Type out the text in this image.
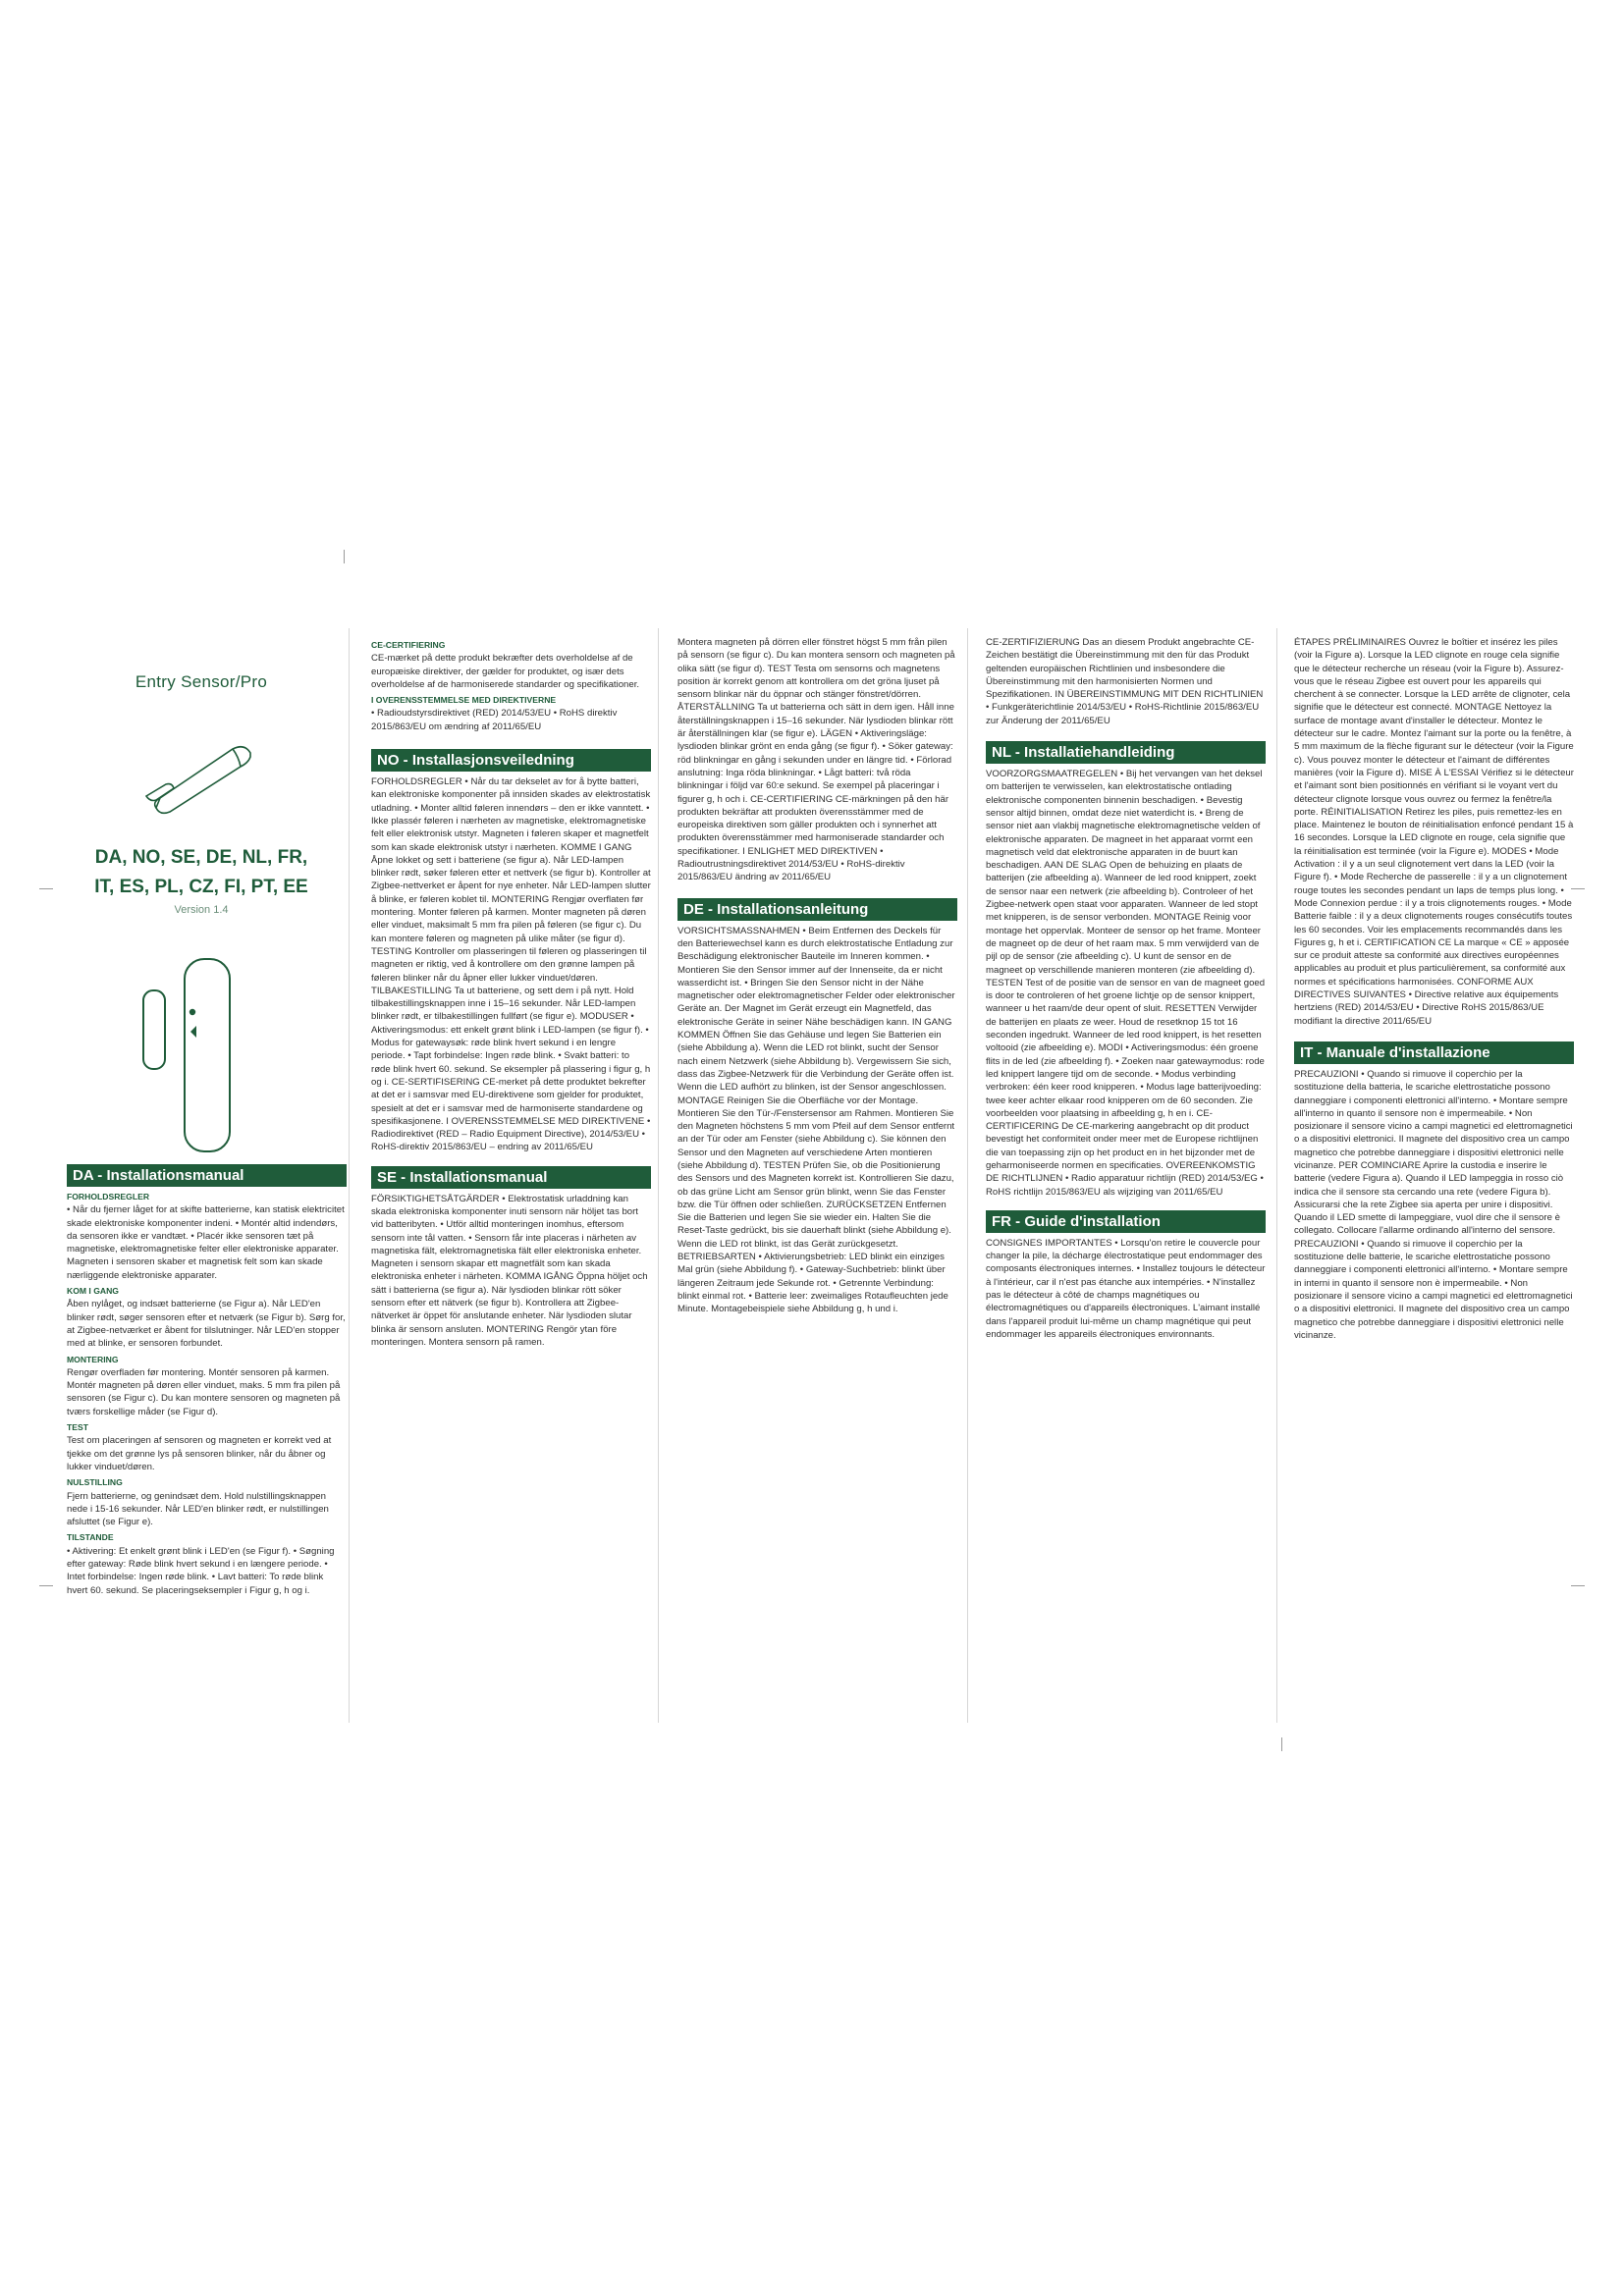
Entry Sensor/Pro
DA, NO, SE, DE, NL, FR,
IT, ES, PL, CZ, FI, PT, EE
Version 1.4
DA - Installationsmanual
FORHOLDSREGLER

• Når du fjerner låget for at skifte batterierne, kan statisk elektricitet skade elektroniske komponenter indeni. • Montér altid indendørs, da sensoren ikke er vandtæt. • Placér ikke sensoren tæt på magnetiske, elektromagnetiske felter eller elektroniske apparater. Magneten i sensoren skaber et magnetisk felt som kan skade nærliggende elektroniske apparater.

KOM I GANG

Åben nylåget, og indsæt batterierne (se Figur a). Når LED'en blinker rødt, søger sensoren efter et netværk (se Figur b). Sørg for, at Zigbee-netværket er åbent for tilslutninger. Når LED'en stopper med at blinke, er sensoren forbundet.

MONTERING

Rengør overfladen før montering. Montér sensoren på karmen. Montér magneten på døren eller vinduet, maks. 5 mm fra pilen på sensoren (se Figur c). Du kan montere sensoren og magneten på tværs forskellige måder (se Figur d).

TEST

Test om placeringen af sensoren og magneten er korrekt ved at tjekke om det grønne lys på sensoren blinker, når du åbner og lukker vinduet/døren.

NULSTILLING

Fjern batterierne, og genindsæt dem. Hold nulstillingsknappen nede i 15-16 sekunder. Når LED'en blinker rødt, er nulstillingen afsluttet (se Figur e).

TILSTANDE

• Aktivering: Et enkelt grønt blink i LED'en (se Figur f). • Søgning efter gateway: Røde blink hvert sekund i en længere periode. • Intet forbindelse: Ingen røde blink. • Lavt batteri: To røde blink hvert 60. sekund. Se placeringseksempler i Figur g, h og i.

CE-CERTIFIERING

CE-mærket på dette produkt bekræfter dets overholdelse af de europæiske direktiver, der gælder for produktet, og især dets overholdelse af de harmoniserede standarder og specifikationer.

I OVERENSSTEMMELSE MED DIREKTIVERNE

• Radioudstyrsdirektivet (RED) 2014/53/EU • RoHS direktiv 2015/863/EU om ændring af 2011/65/EU

NO - Installasjonsveiledning

FORHOLDSREGLER • Når du tar dekselet av for å bytte batteri, kan elektroniske komponenter på innsiden skades av elektrostatisk utladning. • Monter alltid føleren innendørs – den er ikke vanntett. • Ikke plassér føleren i nærheten av magnetiske, elektromagnetiske felt eller elektronisk utstyr. Magneten i føleren skaper et magnetfelt som kan skade elektronisk utstyr i nærheten. KOMME I GANG Åpne lokket og sett i batteriene (se figur a). Når LED-lampen blinker rødt, søker føleren etter et nettverk (se figur b). Kontroller at Zigbee-nettverket er åpent for nye enheter. Når LED-lampen slutter å blinke, er føleren koblet til. MONTERING Rengjør overflaten før montering. Monter føleren på karmen. Monter magneten på døren eller vinduet, maksimalt 5 mm fra pilen på føleren (se figur c). Du kan montere føleren og magneten på ulike måter (se figur d). TESTING Kontroller om plasseringen til føleren og plasseringen til magneten er riktig, ved å kontrollere om den grønne lampen på føleren blinker når du åpner eller lukker vinduet/døren. TILBAKESTILLING Ta ut batteriene, og sett dem i på nytt. Hold tilbakestillingsknappen inne i 15–16 sekunder. Når LED-lampen blinker rødt, er tilbakestillingen fullført (se figur e). MODUSER • Aktiveringsmodus: ett enkelt grønt blink i LED-lampen (se figur f). • Modus for gatewaysøk: røde blink hvert sekund i en lengre periode. • Tapt forbindelse: Ingen røde blink. • Svakt batteri: to røde blink hvert 60. sekund. Se eksempler på plassering i figur g, h og i. CE-SERTIFISERING CE-merket på dette produktet bekrefter at det er i samsvar med EU-direktivene som gjelder for produktet, spesielt at det er i samsvar med de harmoniserte standardene og spesifikasjonene. I OVERENSSTEMMELSE MED DIREKTIVENE • Radiodirektivet (RED – Radio Equipment Directive), 2014/53/EU • RoHS-direktiv 2015/863/EU – endring av 2011/65/EU

SE - Installationsmanual

FÖRSIKTIGHETSÅTGÄRDER • Elektrostatisk urladdning kan skada elektroniska komponenter inuti sensorn när höljet tas bort vid batteribyten. • Utför alltid monteringen inomhus, eftersom sensorn inte tål vatten. • Sensorn får inte placeras i närheten av magnetiska fält, elektromagnetiska fält eller elektroniska enheter. Magneten i sensorn skapar ett magnetfält som kan skada elektroniska enheter i närheten. KOMMA IGÅNG Öppna höljet och sätt i batterierna (se figur a). När lysdioden blinkar rött söker sensorn efter ett nätverk (se figur b). Kontrollera att Zigbee-nätverket är öppet för anslutande enheter. När lysdioden slutar blinka är sensorn ansluten. MONTERING Rengör ytan före monteringen. Montera sensorn på ramen.

Montera magneten på dörren eller fönstret högst 5 mm från pilen på sensorn (se figur c). Du kan montera sensorn och magneten på olika sätt (se figur d). TEST Testa om sensorns och magnetens position är korrekt genom att kontrollera om det gröna ljuset på sensorn blinkar när du öppnar och stänger fönstret/dörren. ÅTERSTÄLLNING Ta ut batterierna och sätt in dem igen. Håll inne återställningsknappen i 15–16 sekunder. När lysdioden blinkar rött är återställningen klar (se figur e). LÄGEN • Aktiveringsläge: lysdioden blinkar grönt en enda gång (se figur f). • Söker gateway: röd blinkningar en gång i sekunden under en längre tid. • Förlorad anslutning: Inga röda blinkningar. • Lågt batteri: två röda blinkningar i följd var 60:e sekund. Se exempel på placeringar i figurer g, h och i. CE-CERTIFIERING CE-märkningen på den här produkten bekräftar att produkten överensstämmer med de europeiska direktiven som gäller produkten och i synnerhet att produkten överensstämmer med harmoniserade standarder och specifikationer. I ENLIGHET MED DIREKTIVEN • Radioutrustningsdirektivet 2014/53/EU • RoHS-direktiv 2015/863/EU ändring av 2011/65/EU

DE - Installationsanleitung

VORSICHTSMASSNAHMEN • Beim Entfernen des Deckels für den Batteriewechsel kann es durch elektrostatische Entladung zur Beschädigung elektronischer Bauteile im Inneren kommen. • Montieren Sie den Sensor immer auf der Innenseite, da er nicht wasserdicht ist. • Bringen Sie den Sensor nicht in der Nähe magnetischer oder elektromagnetischer Felder oder elektronischer Geräte an. Der Magnet im Gerät erzeugt ein Magnetfeld, das elektronische Geräte in seiner Nähe beschädigen kann. IN GANG KOMMEN Öffnen Sie das Gehäuse und legen Sie Batterien ein (siehe Abbildung a). Wenn die LED rot blinkt, sucht der Sensor nach einem Netzwerk (siehe Abbildung b). Vergewissern Sie sich, dass das Zigbee-Netzwerk für die Verbindung der Geräte offen ist. Wenn die LED aufhört zu blinken, ist der Sensor angeschlossen. MONTAGE Reinigen Sie die Oberfläche vor der Montage. Montieren Sie den Tür-/Fenstersensor am Rahmen. Montieren Sie den Magneten höchstens 5 mm vom Pfeil auf dem Sensor entfernt an der Tür oder am Fenster (siehe Abbildung c). Sie können den Sensor und den Magneten auf verschiedene Arten montieren (siehe Abbildung d). TESTEN Prüfen Sie, ob die Positionierung des Sensors und des Magneten korrekt ist. Kontrollieren Sie dazu, ob das grüne Licht am Sensor grün blinkt, wenn Sie das Fenster bzw. die Tür öffnen oder schließen. ZURÜCKSETZEN Entfernen Sie die Batterien und legen Sie sie wieder ein. Halten Sie die Reset-Taste gedrückt, bis sie dauerhaft blinkt (siehe Abbildung e). Wenn die LED rot blinkt, ist das Gerät zurückgesetzt. BETRIEBSARTEN • Aktivierungsbetrieb: LED blinkt ein einziges Mal grün (siehe Abbildung f). • Gateway-Suchbetrieb: blinkt über längeren Zeitraum jede Sekunde rot. • Getrennte Verbindung: blinkt einmal rot. • Batterie leer: zweimaliges Rotaufleuchten jede Minute. Montagebeispiele siehe Abbildung g, h und i.

CE-ZERTIFIZIERUNG Das an diesem Produkt angebrachte CE-Zeichen bestätigt die Übereinstimmung mit den für das Produkt geltenden europäischen Richtlinien und insbesondere die Übereinstimmung mit den harmonisierten Normen und Spezifikationen. IN ÜBEREINSTIMMUNG MIT DEN RICHTLINIEN • Funkgeräterichtlinie 2014/53/EU • RoHS-Richtlinie 2015/863/EU zur Änderung der 2011/65/EU

NL - Installatiehandleiding

VOORZORGSMAATREGELEN • Bij het vervangen van het deksel om batterijen te verwisselen, kan elektrostatische ontlading elektronische componenten binnenin beschadigen. • Bevestig sensor altijd binnen, omdat deze niet waterdicht is. • Breng de sensor niet aan vlakbij magnetische elektromagnetische velden of elektronische apparaten. De magneet in het apparaat vormt een magnetisch veld dat elektronische apparaten in de buurt kan beschadigen. AAN DE SLAG Open de behuizing en plaats de batterijen (zie afbeelding a). Wanneer de led rood knippert, zoekt de sensor naar een netwerk (zie afbeelding b). Controleer of het Zigbee-netwerk open staat voor apparaten. Wanneer de led stopt met knipperen, is de sensor verbonden. MONTAGE Reinig voor montage het oppervlak. Monteer de sensor op het frame. Monteer de magneet op de deur of het raam max. 5 mm verwijderd van de pijl op de sensor (zie afbeelding c). U kunt de sensor en de magneet op verschillende manieren monteren (zie afbeelding d). TESTEN Test of de positie van de sensor en van de magneet goed is door te controleren of het groene lichtje op de sensor knippert, wanneer u het raam/de deur opent of sluit. RESETTEN Verwijder de batterijen en plaats ze weer. Houd de resetknop 15 tot 16 seconden ingedrukt. Wanneer de led rood knippert, is het resetten voltooid (zie afbeelding e). MODI • Activeringsmodus: één groene flits in de led (zie afbeelding f). • Zoeken naar gatewaymodus: rode led knippert langere tijd om de seconde. • Modus verbinding verbroken: één keer rood knipperen. • Modus lage batterijvoeding: twee keer achter elkaar rood knipperen om de 60 seconden. Zie voorbeelden voor plaatsing in afbeelding g, h en i. CE-CERTIFICERING De CE-markering aangebracht op dit product bevestigt het conformiteit onder meer met de Europese richtlijnen die van toepassing zijn op het product en in het bijzonder met de geharmoniseerde normen en specificaties. OVEREENKOMSTIG DE RICHTLIJNEN • Radio apparatuur richtlijn (RED) 2014/53/EG • RoHS richtlijn 2015/863/EU als wijziging van 2011/65/EU

FR - Guide d'installation

CONSIGNES IMPORTANTES • Lorsqu'on retire le couvercle pour changer la pile, la décharge électrostatique peut endommager des composants électroniques internes. • Installez toujours le détecteur à l'intérieur, car il n'est pas étanche aux intempéries. • N'installez pas le détecteur à côté de champs magnétiques ou électromagnétiques ou d'appareils électroniques. L'aimant installé dans l'appareil produit lui-même un champ magnétique qui peut endommager les appareils électroniques environnants.

ÉTAPES PRÉLIMINAIRES Ouvrez le boîtier et insérez les piles (voir la Figure a). Lorsque la LED clignote en rouge cela signifie que le détecteur recherche un réseau (voir la Figure b). Assurez-vous que le réseau Zigbee est ouvert pour les appareils qui cherchent à se connecter. Lorsque la LED arrête de clignoter, cela signifie que le détecteur est connecté. MONTAGE Nettoyez la surface de montage avant d'installer le détecteur. Montez le détecteur sur le cadre. Montez l'aimant sur la porte ou la fenêtre, à 5 mm maximum de la flèche figurant sur le détecteur (voir la Figure c). Vous pouvez monter le détecteur et l'aimant de différentes manières (voir la Figure d). MISE À L'ESSAI Vérifiez si le détecteur et l'aimant sont bien positionnés en vérifiant si le voyant vert du détecteur clignote lorsque vous ouvrez ou fermez la fenêtre/la porte. RÉINITIALISATION Retirez les piles, puis remettez-les en place. Maintenez le bouton de réinitialisation enfoncé pendant 15 à 16 secondes. Lorsque la LED clignote en rouge, cela signifie que la réinitialisation est terminée (voir la Figure e). MODES • Mode Activation : il y a un seul clignotement vert dans la LED (voir la Figure f). • Mode Recherche de passerelle : il y a un clignotement rouge toutes les secondes pendant un laps de temps plus long. • Mode Connexion perdue : il y a trois clignotements rouges. • Mode Batterie faible : il y a deux clignotements rouges consécutifs toutes les 60 secondes. Voir les emplacements recommandés dans les Figures g, h et i. CERTIFICATION CE La marque « CE » apposée sur ce produit atteste sa conformité aux directives européennes applicables au produit et plus particulièrement, sa conformité aux normes et spécifications harmonisées. CONFORME AUX DIRECTIVES SUIVANTES • Directive relative aux équipements hertziens (RED) 2014/53/EU • Directive RoHS 2015/863/UE modifiant la directive 2011/65/EU

IT - Manuale d'installazione

PRECAUZIONI • Quando si rimuove il coperchio per la sostituzione della batteria, le scariche elettrostatiche possono danneggiare i componenti elettronici all'interno. • Montare sempre all'interno in quanto il sensore non è impermeabile. • Non posizionare il sensore vicino a campi magnetici ed elettromagnetici o a dispositivi elettronici. Il magnete del dispositivo crea un campo magnetico che potrebbe danneggiare i dispositivi elettronici nelle vicinanze. PER COMINCIARE Aprire la custodia e inserire le batterie (vedere Figura a). Quando il LED lampeggia in rosso ciò indica che il sensore sta cercando una rete (vedere Figura b). Assicurarsi che la rete Zigbee sia aperta per unire i dispositivi. Quando il LED smette di lampeggiare, vuol dire che il sensore è collegato. Collocare l'allarme ordinando all'interno del sensore. PRECAUZIONI • Quando si rimuove il coperchio per la sostituzione delle batterie, le scariche elettrostatiche possono danneggiare i componenti elettronici all'interno. • Montare sempre in interni in quanto il sensore non è impermeabile. • Non posizionare il sensore vicino a campi magnetici ed elettromagnetici o a dispositivi elettronici. Il magnete del dispositivo crea un campo magnetico che potrebbe danneggiare i dispositivi elettronici nelle vicinanze.
